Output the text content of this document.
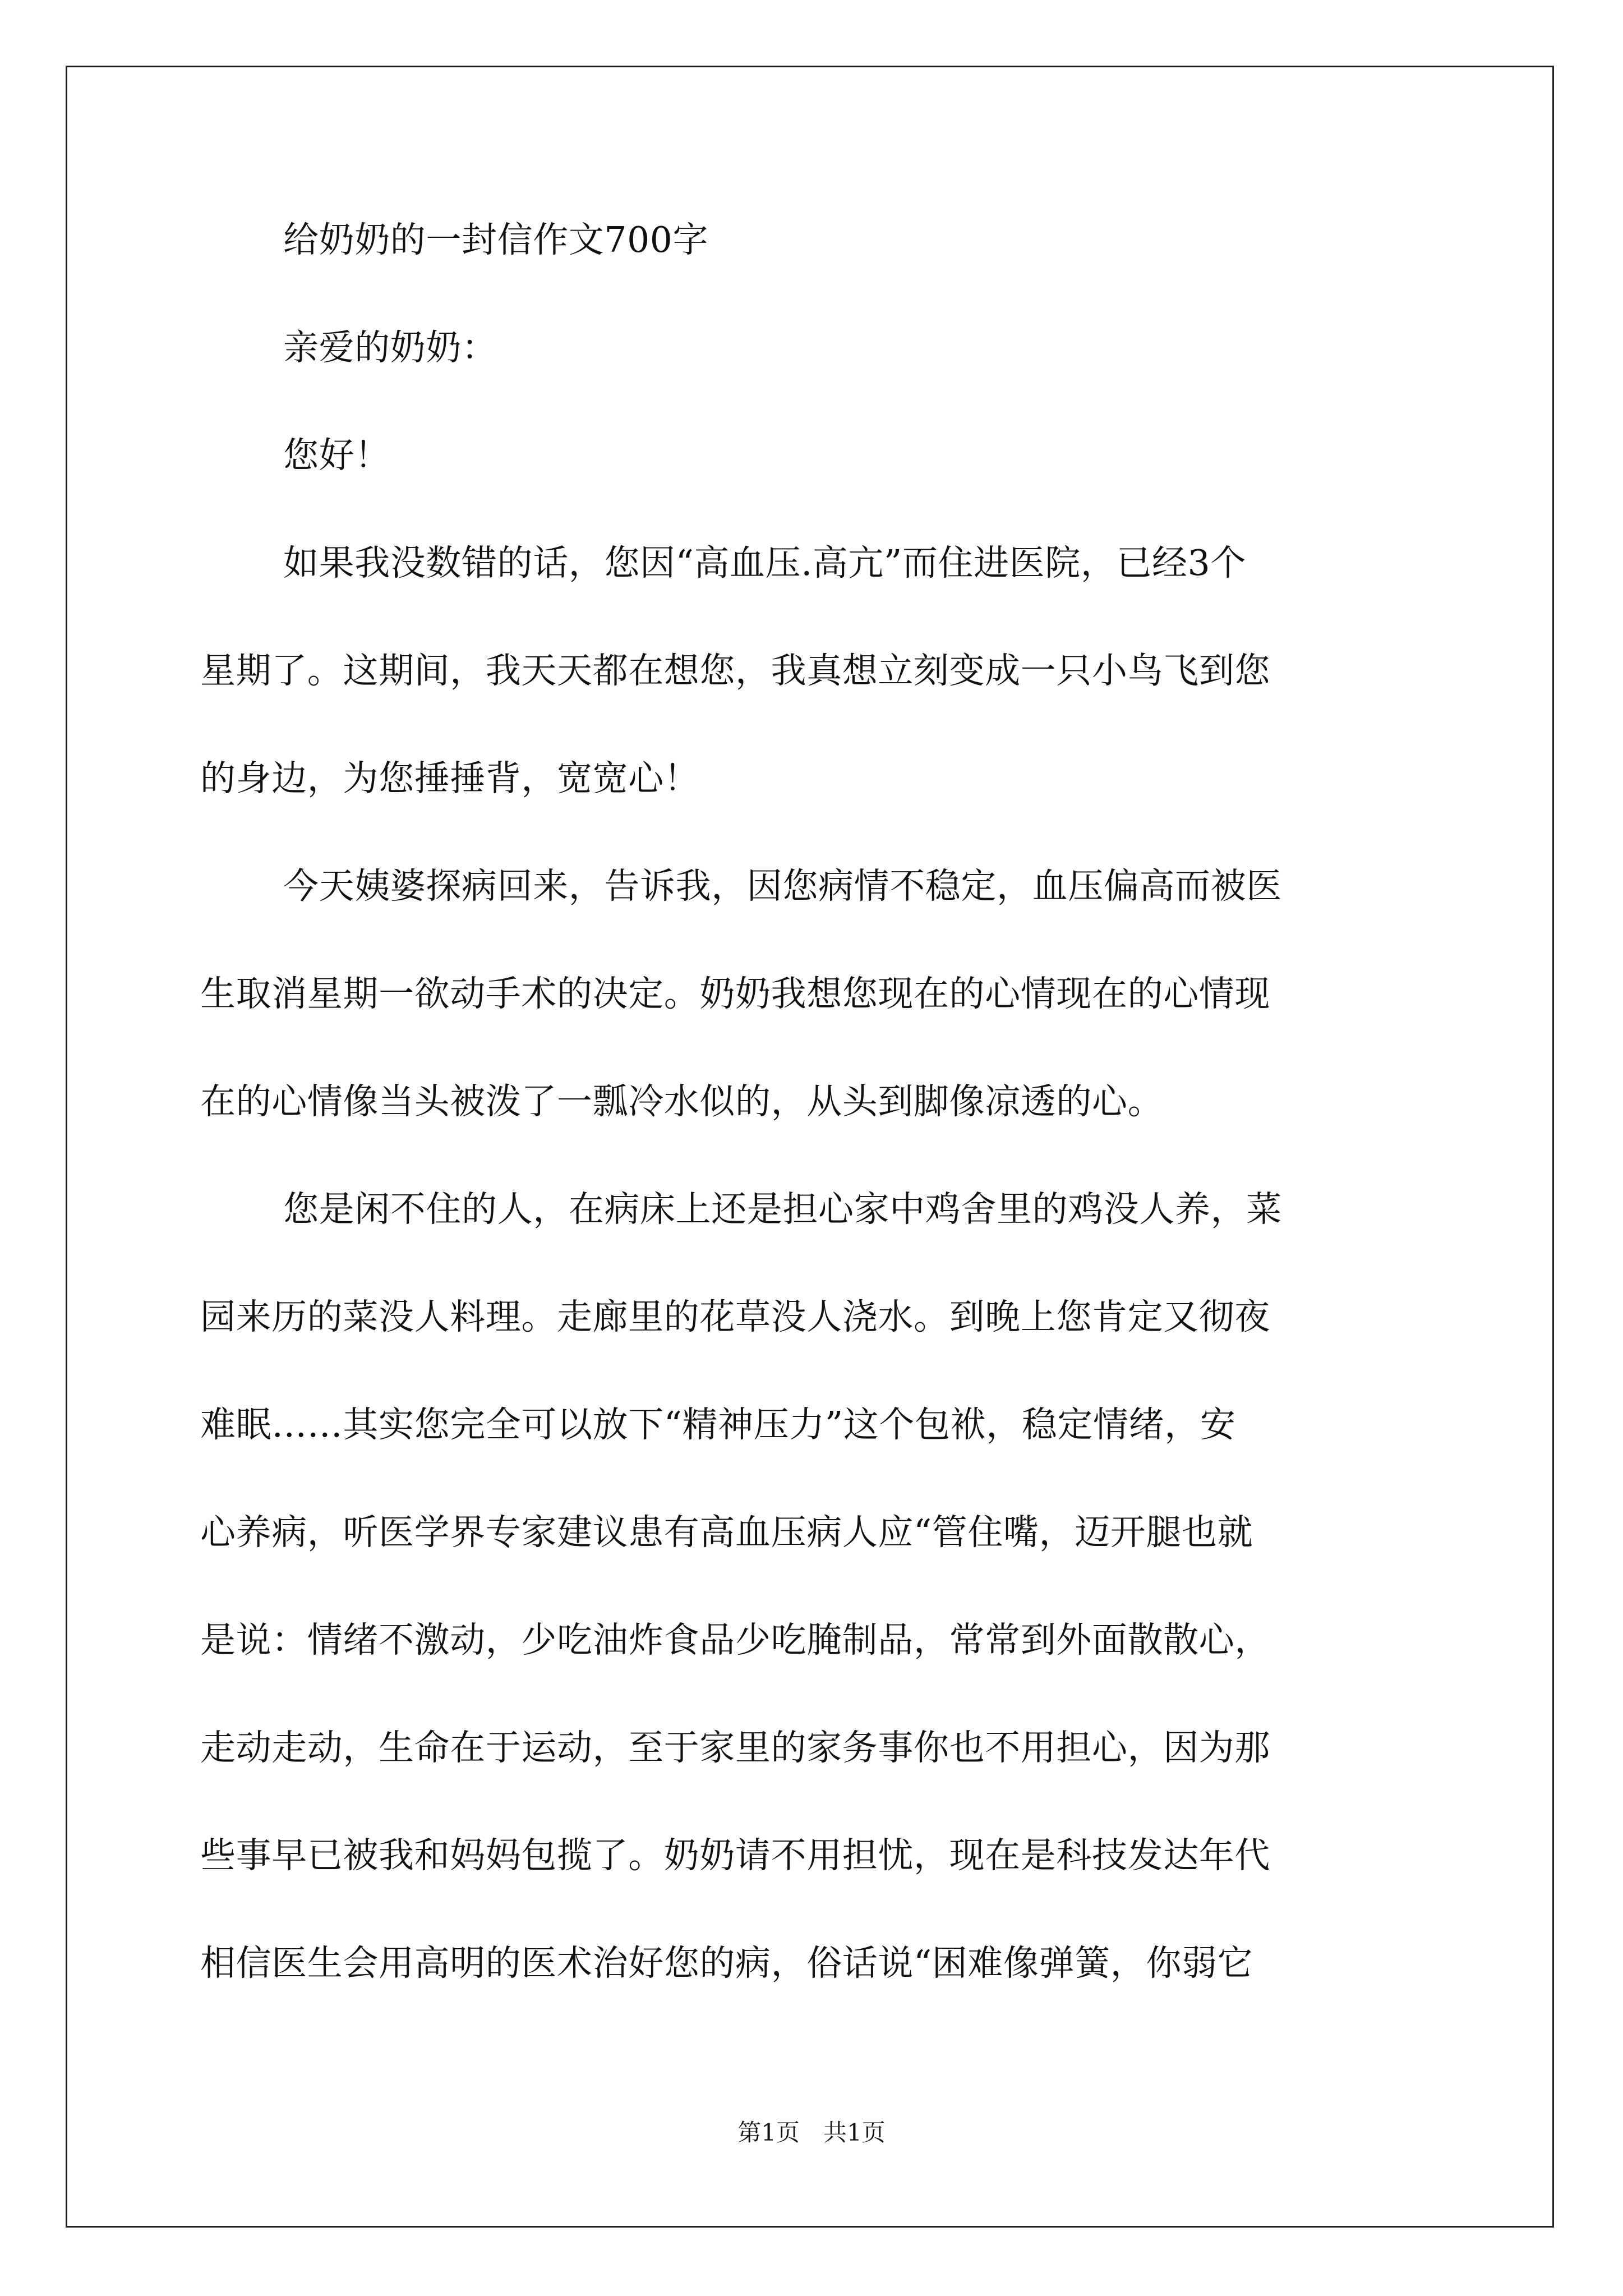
给奶奶的一封信作文700字
亲爱的奶奶：
您好！
如果我没数错的话，您因“高血压.高亢”而住进医院，已经3个
星期了。这期间，我天天都在想您，我真想立刻变成一只小鸟飞到您
的身边，为您捶捶背，宽宽心！
今天姨婆探病回来，告诉我，因您病情不稳定，血压偏高而被医
生取消星期一欲动手术的决定。奶奶我想您现在的心情现在的心情现
在的心情像当头被泼了一瓢冷水似的，从头到脚像凉透的心。
您是闲不住的人，在病床上还是担心家中鸡舍里的鸡没人养，菜
园来历的菜没人料理。走廊里的花草没人浇水。到晚上您肯定又彻夜
难眠……其实您完全可以放下“精神压力”这个包袱，稳定情绪，安
心养病，听医学界专家建议患有高血压病人应“管住嘴，迈开腿也就
是说：情绪不激动，少吃油炸食品少吃腌制品，常常到外面散散心，
走动走动，生命在于运动，至于家里的家务事你也不用担心，因为那
些事早已被我和妈妈包揽了。奶奶请不用担忧，现在是科技发达年代
相信医生会用高明的医术治好您的病，俗话说“困难像弹簧，你弱它
第1页　共1页
